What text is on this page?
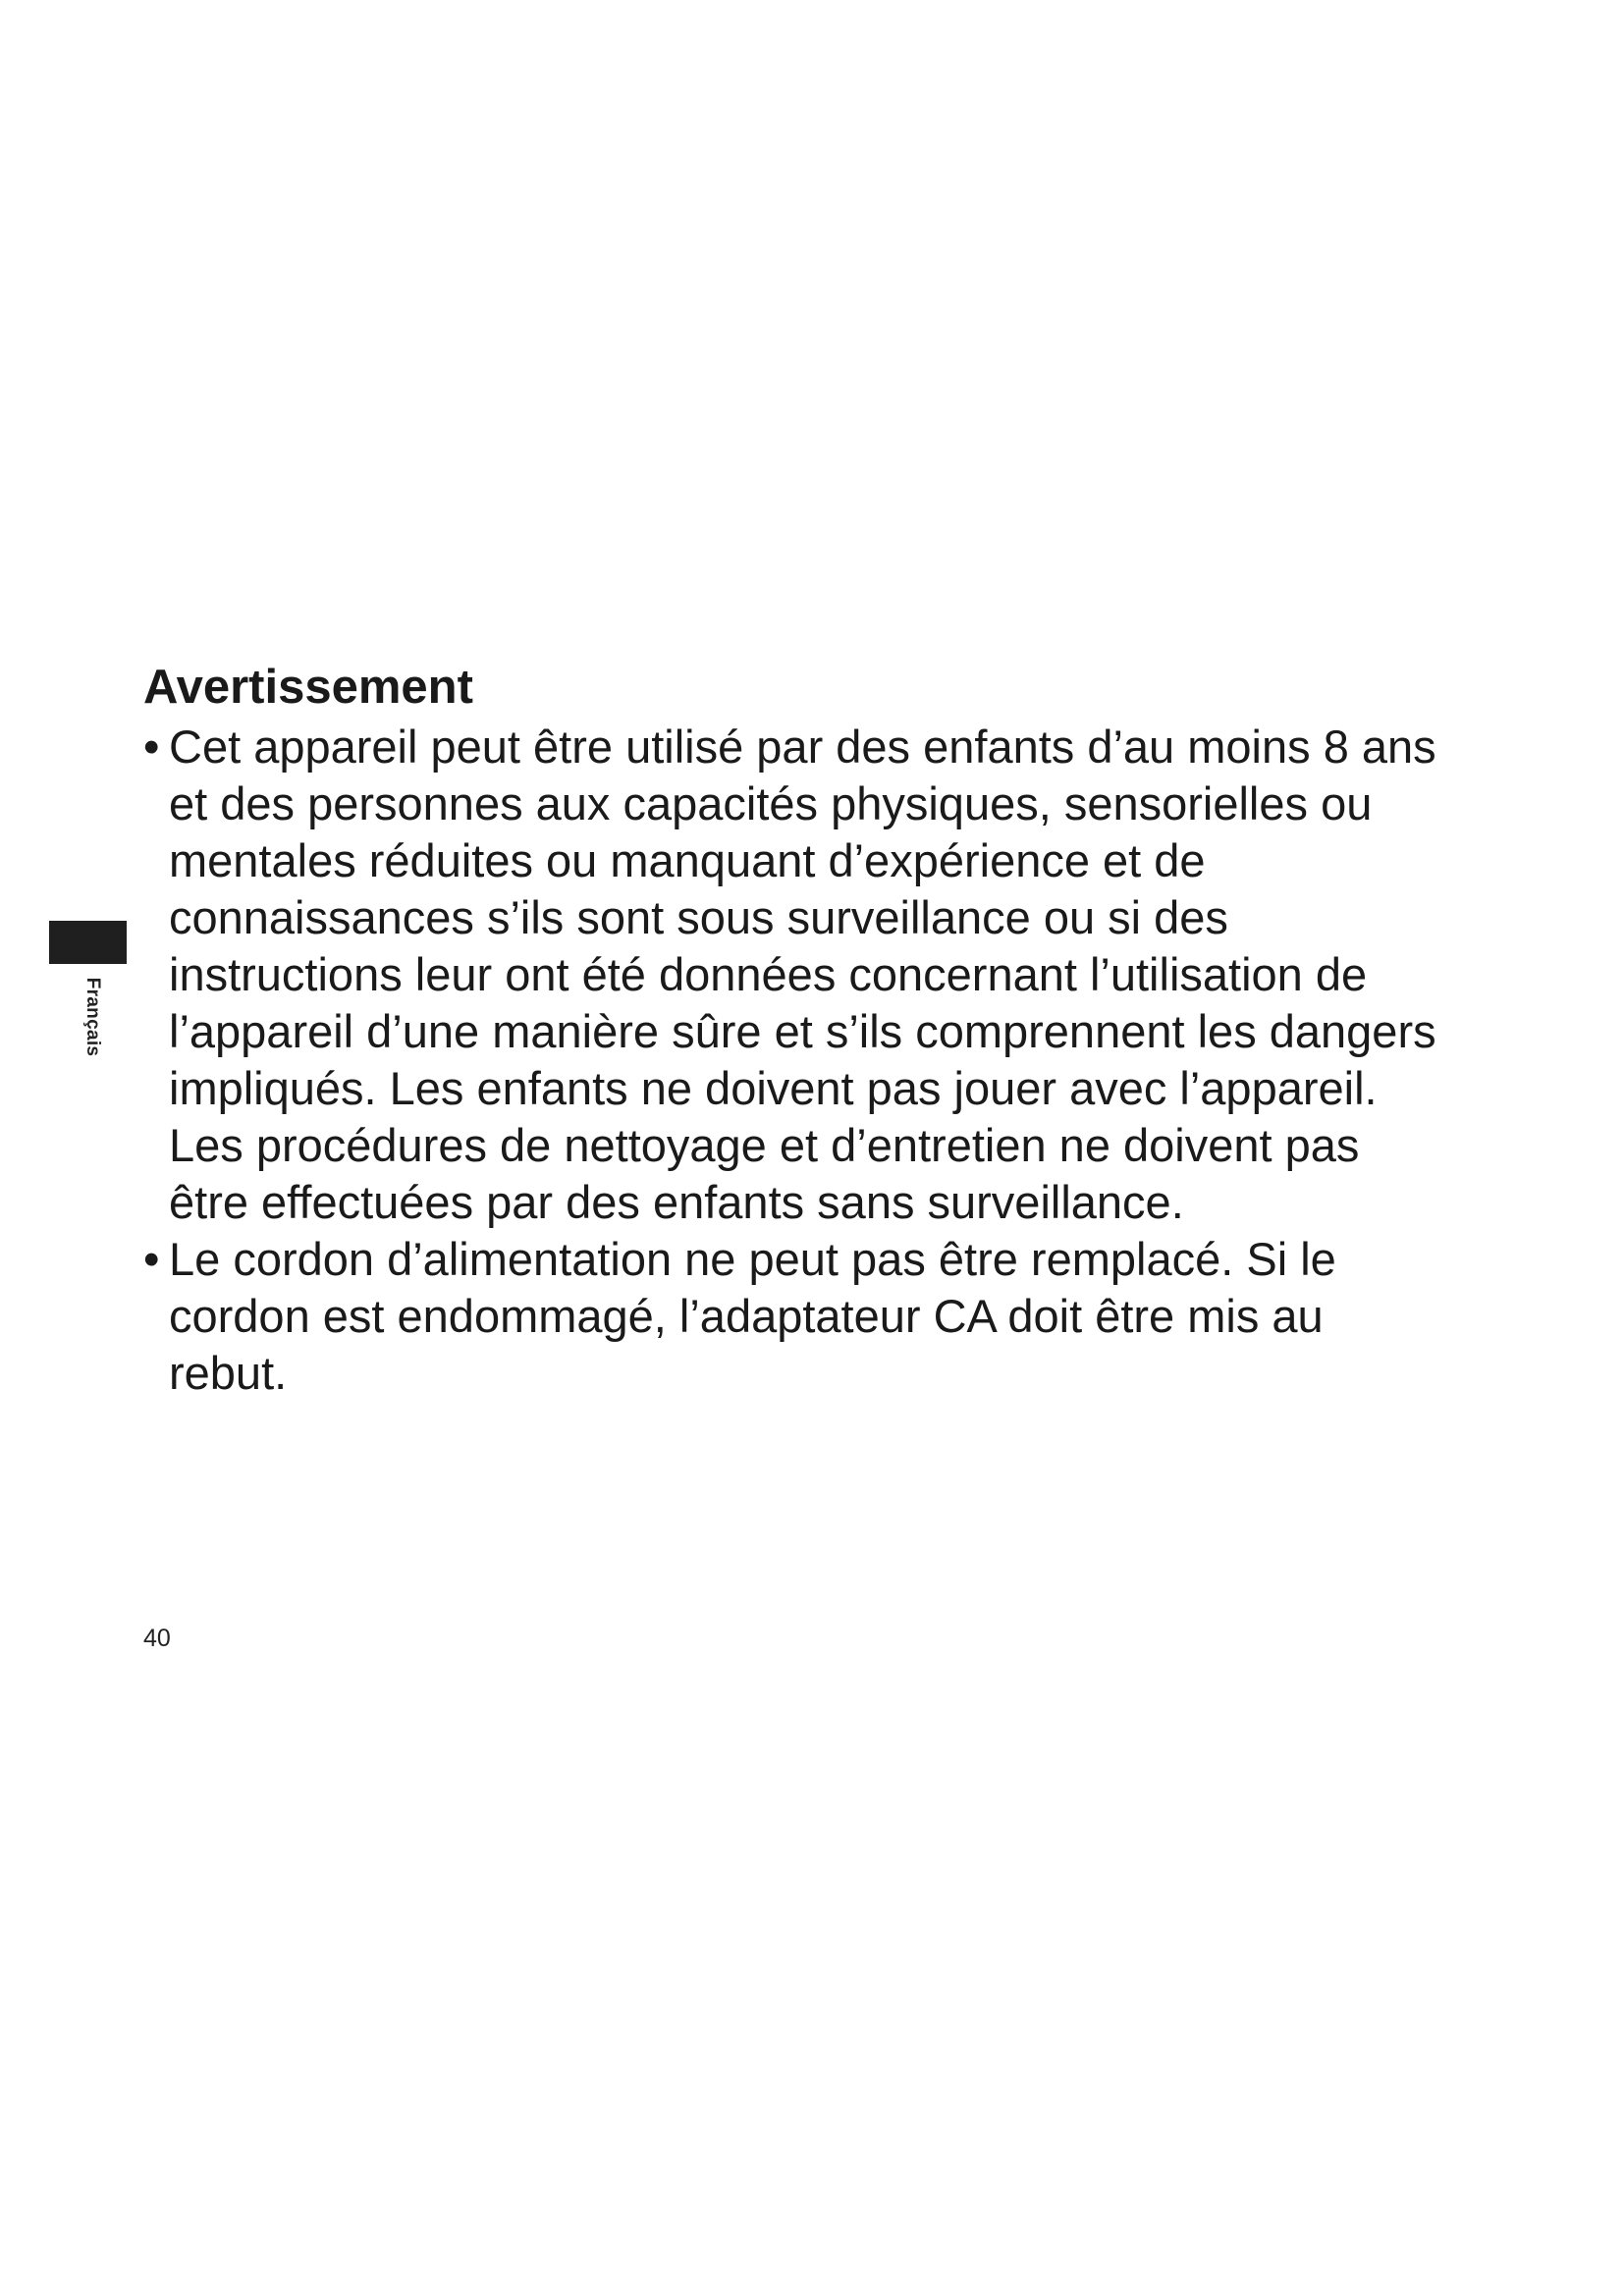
Français
Avertissement
• Cet appareil peut être utilisé par des enfants d’au moins 8 ans
et des personnes aux capacités physiques, sensorielles ou
mentales réduites ou manquant d’expérience et de
connaissances s’ils sont sous surveillance ou si des
instructions leur ont été données concernant l’utilisation de
l’appareil d’une manière sûre et s’ils comprennent les dangers
impliqués. Les enfants ne doivent pas jouer avec l’appareil.
Les procédures de nettoyage et d’entretien ne doivent pas
être effectuées par des enfants sans surveillance.
• Le cordon d’alimentation ne peut pas être remplacé. Si le
cordon est endommagé, l’adaptateur CA doit être mis au
rebut.
40
